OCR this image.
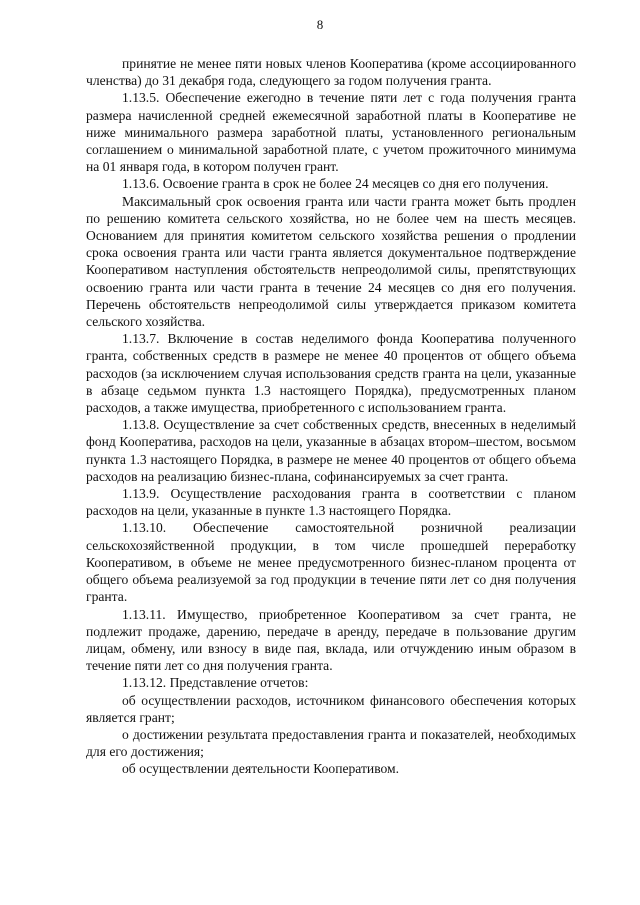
8

принятие не менее пяти новых членов Кооператива (кроме ассоциированного членства) до 31 декабря года, следующего за годом получения гранта.

1.13.5. Обеспечение ежегодно в течение пяти лет с года получения гранта размера начисленной средней ежемесячной заработной платы в Кооперативе не ниже минимального размера заработной платы, установленного региональным соглашением о минимальной заработной плате, с учетом прожиточного минимума на 01 января года, в котором получен грант.

1.13.6. Освоение гранта в срок не более 24 месяцев со дня его получения.

Максимальный срок освоения гранта или части гранта может быть продлен по решению комитета сельского хозяйства, но не более чем на шесть месяцев. Основанием для принятия комитетом сельского хозяйства решения о продлении срока освоения гранта или части гранта является документальное подтверждение Кооперативом наступления обстоятельств непреодолимой силы, препятствующих освоению гранта или части гранта в течение 24 месяцев со дня его получения. Перечень обстоятельств непреодолимой силы утверждается приказом комитета сельского хозяйства.

1.13.7. Включение в состав неделимого фонда Кооператива полученного гранта, собственных средств в размере не менее 40 процентов от общего объема расходов (за исключением случая использования средств гранта на цели, указанные в абзаце седьмом пункта 1.3 настоящего Порядка), предусмотренных планом расходов, а также имущества, приобретенного с использованием гранта.

1.13.8. Осуществление за счет собственных средств, внесенных в неделимый фонд Кооператива, расходов на цели, указанные в абзацах втором–шестом, восьмом пункта 1.3 настоящего Порядка, в размере не менее 40 процентов от общего объема расходов на реализацию бизнес-плана, софинансируемых за счет гранта.

1.13.9. Осуществление расходования гранта в соответствии с планом расходов на цели, указанные в пункте 1.3 настоящего Порядка.

1.13.10. Обеспечение самостоятельной розничной реализации сельскохозяйственной продукции, в том числе прошедшей переработку Кооперативом, в объеме не менее предусмотренного бизнес-планом процента от общего объема реализуемой за год продукции в течение пяти лет со дня получения гранта.

1.13.11. Имущество, приобретенное Кооперативом за счет гранта, не подлежит продаже, дарению, передаче в аренду, передаче в пользование другим лицам, обмену, или взносу в виде пая, вклада, или отчуждению иным образом в течение пяти лет со дня получения гранта.

1.13.12. Представление отчетов:

об осуществлении расходов, источником финансового обеспечения которых является грант;

о достижении результата предоставления гранта и показателей, необходимых для его достижения;

об осуществлении деятельности Кооперативом.
